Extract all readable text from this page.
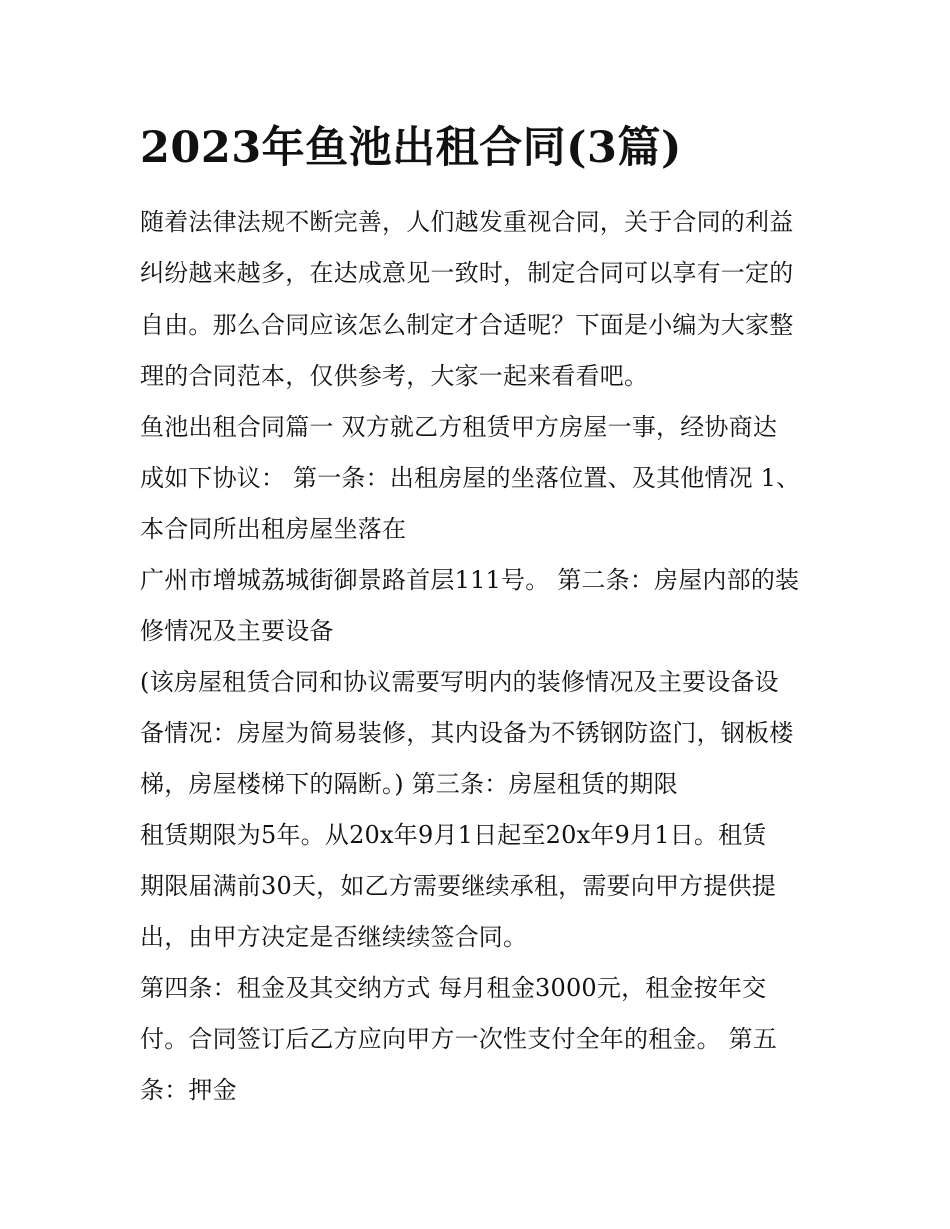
2023年鱼池出租合同(3篇)
随着法律法规不断完善，人们越发重视合同，关于合同的利益
纠纷越来越多，在达成意见一致时，制定合同可以享有一定的
自由。那么合同应该怎么制定才合适呢？下面是小编为大家整
理的合同范本，仅供参考，大家一起来看看吧。
鱼池出租合同篇一 双方就乙方租赁甲方房屋一事，经协商达
成如下协议： 第一条：出租房屋的坐落位置、及其他情况 1、
本合同所出租房屋坐落在
广州市增城荔城街御景路首层111号。 第二条：房屋内部的装
修情况及主要设备
(该房屋租赁合同和协议需要写明内的装修情况及主要设备设
备情况：房屋为简易装修，其内设备为不锈钢防盗门，钢板楼
梯，房屋楼梯下的隔断。) 第三条：房屋租赁的期限
租赁期限为5年。从20x年9月1日起至20x年9月1日。租赁
期限届满前30天，如乙方需要继续承租，需要向甲方提供提
出，由甲方决定是否继续续签合同。
第四条：租金及其交纳方式 每月租金3000元，租金按年交
付。合同签订后乙方应向甲方一次性支付全年的租金。 第五
条：押金
